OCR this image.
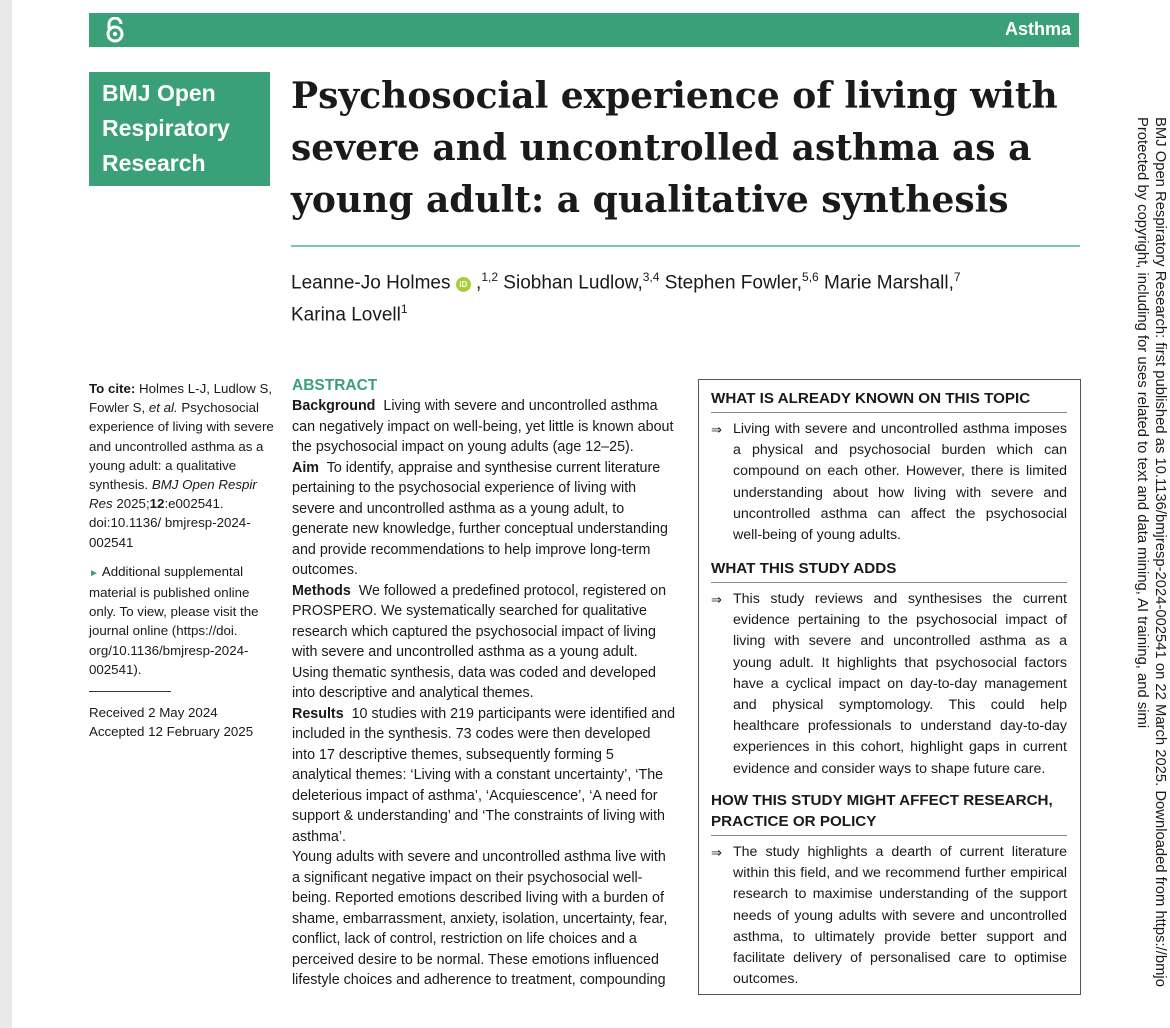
Asthma
BMJ Open
Respiratory
Research
Psychosocial experience of living with severe and uncontrolled asthma as a young adult: a qualitative synthesis
Leanne-Jo Holmes iD ,$^{1,2}$ Siobhan Ludlow,$^{3,4}$ Stephen Fowler,$^{5,6}$ Marie Marshall,$^7$
Karina Lovell$^1$

To cite: Holmes L-J, Ludlow S, Fowler S, et al. Psychosocial experience of living with severe and uncontrolled asthma as a young adult: a qualitative synthesis. BMJ Open Respir Res 2025;12:e002541. doi:10.1136/ bmjresp-2024-002541

► Additional supplemental material is published online only. To view, please visit the journal online (https://doi. org/10.1136/bmjresp-2024- 002541).

Received 2 May 2024

Accepted 12 February 2025

ABSTRACT

Background Living with severe and uncontrolled asthma can negatively impact on well-being, yet little is known about the psychosocial impact on young adults (age 12–25).

Aim To identify, appraise and synthesise current literature pertaining to the psychosocial experience of living with severe and uncontrolled asthma as a young adult, to generate new knowledge, further conceptual understanding and provide recommendations to help improve long-term outcomes.

Methods We followed a predefined protocol, registered on PROSPERO. We systematically searched for qualitative research which captured the psychosocial impact of living with severe and uncontrolled asthma as a young adult. Using thematic synthesis, data was coded and developed into descriptive and analytical themes.

Results 10 studies with 219 participants were identified and included in the synthesis. 73 codes were then developed into 17 descriptive themes, subsequently forming 5 analytical themes: ‘Living with a constant uncertainty’, ‘The deleterious impact of asthma’, ‘Acquiescence’, ‘A need for support & understanding’ and ‘The constraints of living with asthma’.

Young adults with severe and uncontrolled asthma live with a significant negative impact on their psychosocial well-being. Reported emotions described living with a burden of shame, embarrassment, anxiety, isolation, uncertainty, fear, conflict, lack of control, restriction on life choices and a perceived desire to be normal. These emotions influenced lifestyle choices and adherence to treatment, compounding

WHAT IS ALREADY KNOWN ON THIS TOPIC
⇒ Living with severe and uncontrolled asthma imposes a physical and psychosocial burden which can compound on each other. However, there is limited understanding about how living with severe and uncontrolled asthma can affect the psychosocial well-being of young adults.
WHAT THIS STUDY ADDS
⇒ This study reviews and synthesises the current evidence pertaining to the psychosocial impact of living with severe and uncontrolled asthma as a young adult. It highlights that psychosocial factors have a cyclical impact on day-to-day management and physical symptomology. This could help healthcare professionals to understand day-to-day experiences in this cohort, highlight gaps in current evidence and consider ways to shape future care.
HOW THIS STUDY MIGHT AFFECT RESEARCH,
PRACTICE OR POLICY
⇒ The study highlights a dearth of current literature within this field, and we recommend further empirical research to maximise understanding of the support needs of young adults with severe and uncontrolled asthma, to ultimately provide better support and facilitate delivery of personalised care to optimise outcomes.	BMJ Open Respiratory Research: first published as 10.1136/bmjresp-2024-002541 on 22 March 2025. Downloaded from https://bmjo
Protected by copyright, including for uses related to text and data mining, AI training, and simi
